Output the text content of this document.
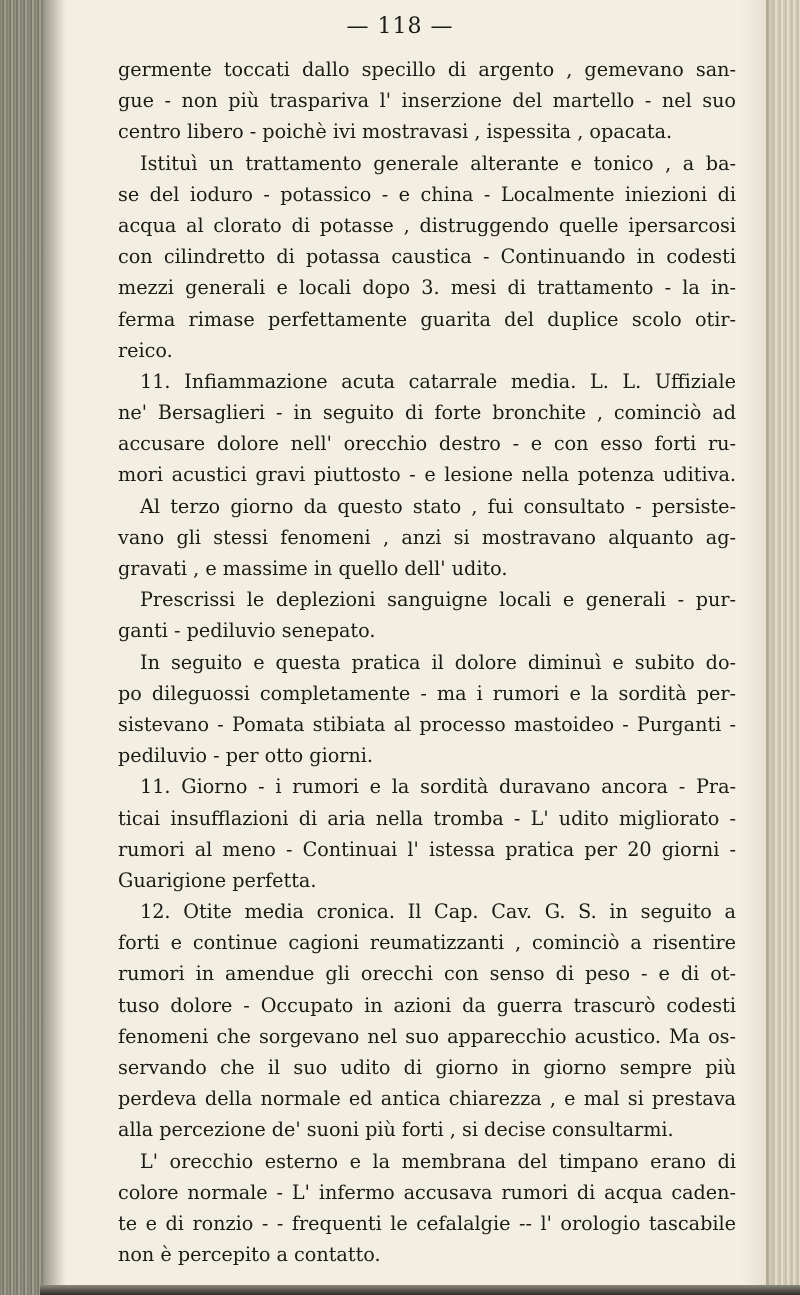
— 118 —
germente toccati dallo specillo di argento , gemevano san-
gue - non più traspariva l' inserzione del martello - nel suo
centro libero - poichè ivi mostravasi , ispessita , opacata.
Istituì un trattamento generale alterante e tonico , a ba-
se del ioduro - potassico - e china - Localmente iniezioni di
acqua al clorato di potasse , distruggendo quelle ipersarcosi
con cilindretto di potassa caustica - Continuando in codesti
mezzi generali e locali dopo 3. mesi di trattamento - la in-
ferma rimase perfettamente guarita del duplice scolo otir-
reico.
11. Infiammazione acuta catarrale media. L. L. Uffiziale
ne' Bersaglieri - in seguito di forte bronchite , cominciò ad
accusare dolore nell' orecchio destro - e con esso forti ru-
mori acustici gravi piuttosto - e lesione nella potenza uditiva.
Al terzo giorno da questo stato , fui consultato - persiste-
vano gli stessi fenomeni , anzi si mostravano alquanto ag-
gravati , e massime in quello dell' udito.
Prescrissi le deplezioni sanguigne locali e generali - pur-
ganti - pediluvio senepato.
In seguito e questa pratica il dolore diminuì e subito do-
po dileguossi completamente - ma i rumori e la sordità per-
sistevano - Pomata stibiata al processo mastoideo - Purganti -
pediluvio - per otto giorni.
11. Giorno - i rumori e la sordità duravano ancora - Pra-
ticai insufflazioni di aria nella tromba - L' udito migliorato -
rumori al meno - Continuai l' istessa pratica per 20 giorni -
Guarigione perfetta.
12. Otite media cronica. Il Cap. Cav. G. S. in seguito a
forti e continue cagioni reumatizzanti , cominciò a risentire
rumori in amendue gli orecchi con senso di peso - e di ot-
tuso dolore - Occupato in azioni da guerra trascurò codesti
fenomeni che sorgevano nel suo apparecchio acustico. Ma os-
servando che il suo udito di giorno in giorno sempre più
perdeva della normale ed antica chiarezza , e mal si prestava
alla percezione de' suoni più forti , si decise consultarmi.
L' orecchio esterno e la membrana del timpano erano di
colore normale - L' infermo accusava rumori di acqua caden-
te e di ronzio - - frequenti le cefalalgie -- l' orologio tascabile
non è percepito a contatto.
